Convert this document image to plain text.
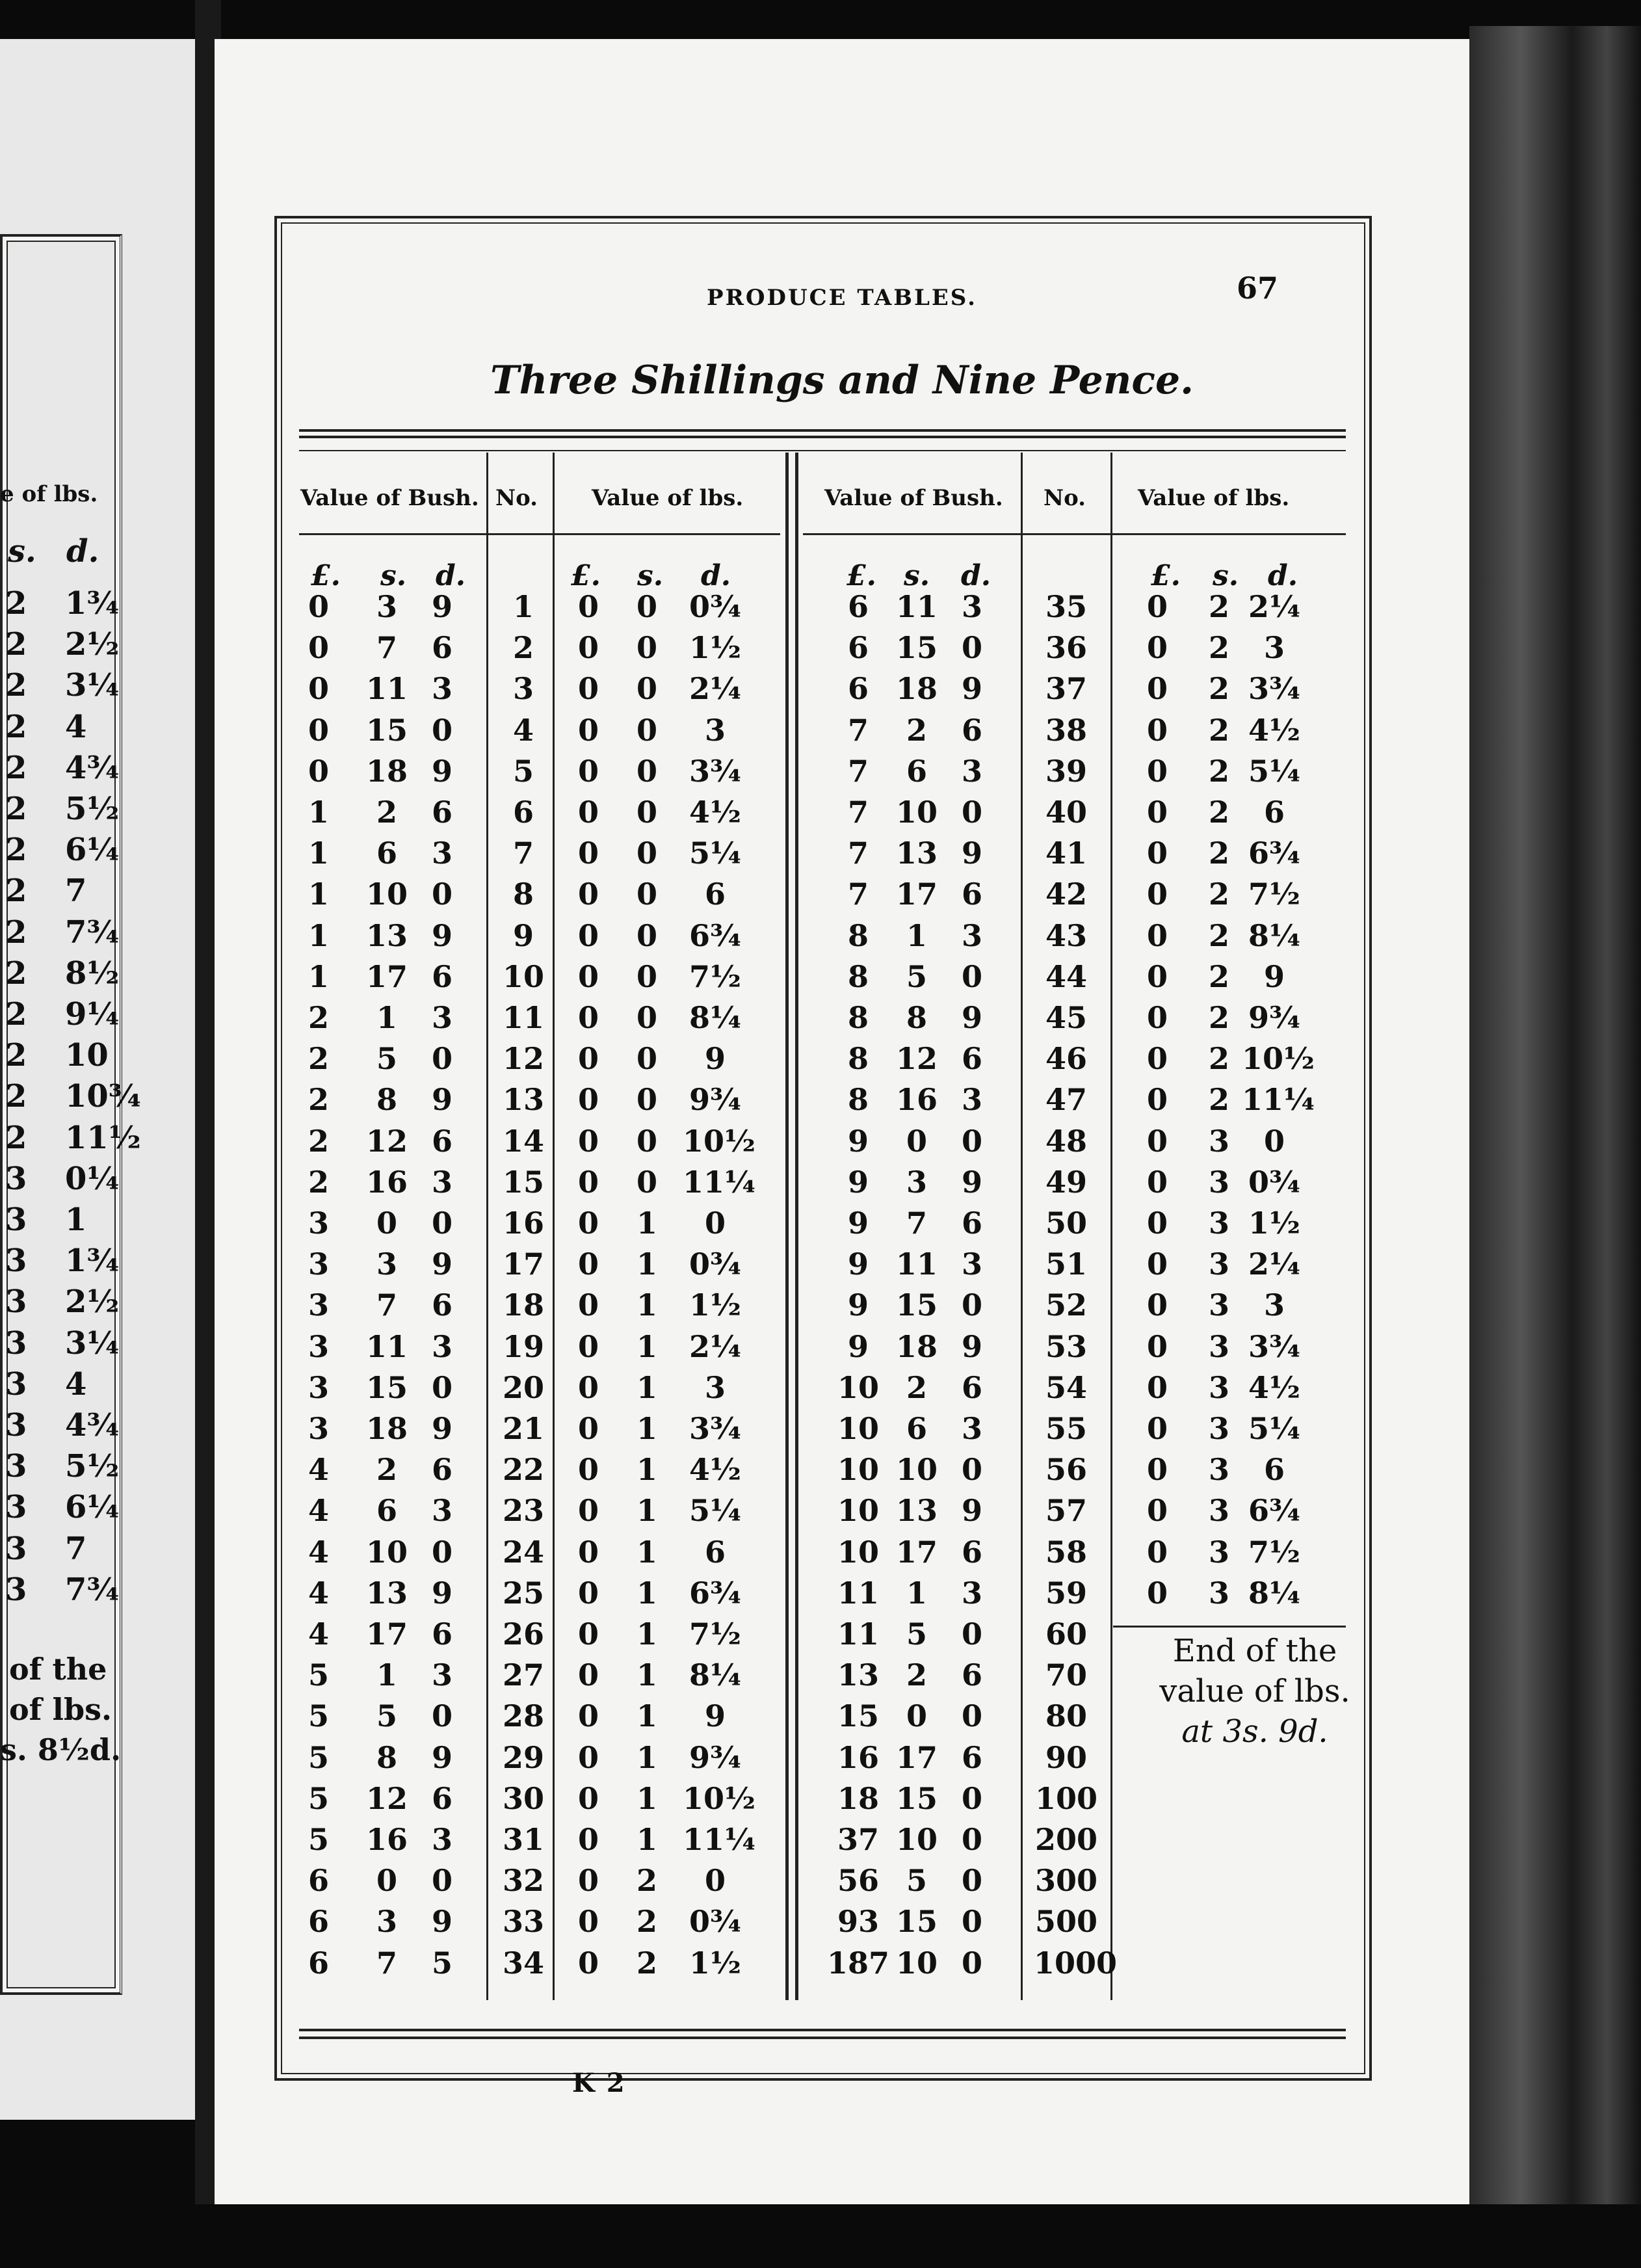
e of lbs.
s. d.
2 1¾
2 2½
2 3¼
2 4
2 4¾
2 5½
2 6¼
2 7
2 7¾
2 8½
2 9¼
2 10
2 10¾
2 11½
3 0¼
3 1
3 1¾
3 2½
3 3¼
3 4
3 4¾
3 5½
3 6¼
3 7
3 7¾
of the
of lbs.
s. 8½d.
PRODUCE TABLES.	67
Three Shillings and Nine Pence.
Value of Bush. No. Value of lbs.	Value of Bush. No. Value of lbs.
£. s. d.	£. s. d.	£. s. d.	£. s. d.
0	3	9	1	0	0	0¾
0	7	6	2	0	0	1½
0	11 3	3	0	0	2¼
0	15 0	4	0	0	3
0	18 9	5	0	0	3¾
1	2	6	6	0	0	4½
1	6	3	7	0	0	5¼
1	10 0	8	0	0	6
1	13 9	9	0	0	6¾
1	17 6	10	0	0	7½
2	1	3	11	0	0	8¼
2	5	0	12	0	0	9
2	8	9	13	0	0	9¾
2	12 6	14	0	0 10½
2	16 3	15	0	0 11¼
3	0	0	16	0	1	0
3	3	9	17	0	1	0¾
3	7	6	18	0	1	1½
3	11 3	19	0	1	2¼
3	15 0	20	0	1	3
3	18 9	21	0	1	3¾
4	2	6	22	0	1	4½
4	6	3	23	0	1	5¼
4	10 0	24	0	1	6
4	13 9	25	0	1	6¾
4	17 6	26	0	1	7½
5	1	3	27	0	1	8¼
5	5	0	28	0	1	9
5	8	9	29	0	1	9¾
5	12 6	30	0	1 10½
5	16 3	31	0	1 11¼
6	0	0	32	0	2	0
6	3	9	33	0	2	0¾
6	7	5	34	0	2	1½
6 11 3	35	0	2 2¼
6 15 0	36	0	2	3
6 18 9	37	0	2 3¾
7	2	6	38	0	2 4½
7	6	3	39	0	2 5¼
7 10 0	40	0	2	6
7 13 9	41	0	2 6¾
7 17 6	42	0	2 7½
8	1	3	43	0	2 8¼
8	5	0	44	0	2	9
8	8	9	45	0	2 9¾
8 12 6	46	0	2 10½
8 16 3	47	0	2 11¼
9	0	0	48	0	3	0
9	3	9	49	0	3 0¾
9	7	6	50	0	3 1½
9 11 3	51	0	3 2¼
9 15 0	52	0	3	3
9 18 9	53	0	3 3¾
10 2	6	54	0	3 4½
10 6	3	55	0	3 5¼
10 10 0	56	0	3	6
10 13 9	57	0	3 6¾
10 17 6	58	0	3 7½
11 1	3	59	0	3 8¼
11 5	0	60
13 2	6	70
15 0	0	80
16 17 6	90
18 15 0	100
37 10 0	200
56 5	0	300
93 15 0	500
187 10 0	1000
End of the
value of lbs.
at 3s. 9d.
K 2
